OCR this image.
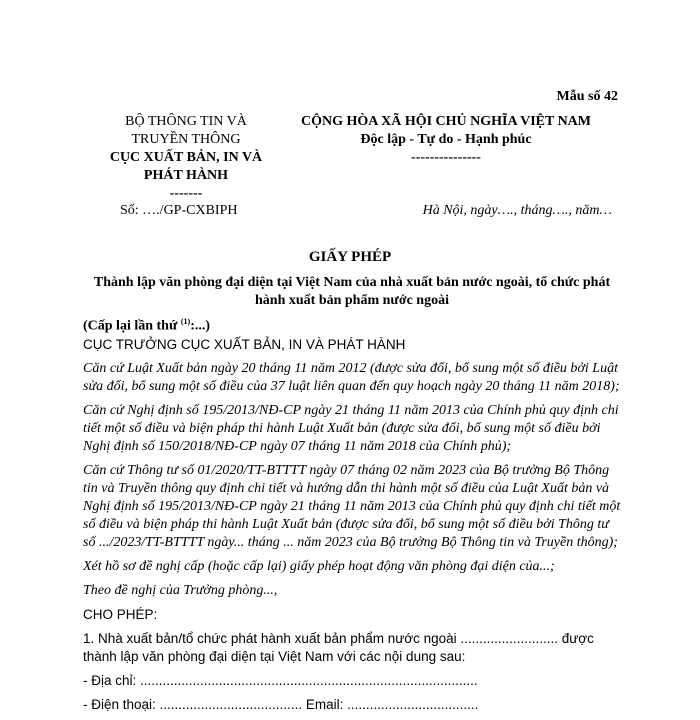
Mẫu số 42
BỘ THÔNG TIN VÀ
TRUYỀN THÔNG
CỤC XUẤT BẢN, IN VÀ
PHÁT HÀNH
-------
CỘNG HÒA XÃ HỘI CHỦ NGHĨA VIỆT NAM
Độc lập - Tự do - Hạnh phúc
---------------
Số: …./GP-CXBIPH	Hà Nội, ngày…., tháng…., năm…
GIẤY PHÉP
Thành lập văn phòng đại diện tại Việt Nam của nhà xuất bản nước ngoài, tổ chức phát hành xuất bản phẩm nước ngoài
(Cấp lại lần thứ $^{(1)}$:...)

CỤC TRƯỞNG CỤC XUẤT BẢN, IN VÀ PHÁT HÀNH

Căn cứ Luật Xuất bản ngày 20 tháng 11 năm 2012 (được sửa đổi, bổ sung một số điều bởi Luật sửa đổi, bổ sung một số điều của 37 luật liên quan đến quy hoạch ngày 20 tháng 11 năm 2018);

Căn cứ Nghị định số 195/2013/NĐ-CP ngày 21 tháng 11 năm 2013 của Chính phủ quy định chi tiết một số điều và biện pháp thi hành Luật Xuất bản (được sửa đổi, bổ sung một số điều bởi Nghị định số 150/2018/NĐ-CP ngày 07 tháng 11 năm 2018 của Chính phủ);

Căn cứ Thông tư số 01/2020/TT-BTTTT ngày 07 tháng 02 năm 2023 của Bộ trưởng Bộ Thông tin và Truyền thông quy định chi tiết và hướng dẫn thi hành một số điều của Luật Xuất bản và Nghị định số 195/2013/NĐ-CP ngày 21 tháng 11 năm 2013 của Chính phủ quy định chi tiết một số điều và biện pháp thi hành Luật Xuất bản (được sửa đổi, bổ sung một số điều bởi Thông tư số .../2023/TT-BTTTT ngày... tháng ... năm 2023 của Bộ trưởng Bộ Thông tin và Truyền thông);

Xét hồ sơ đề nghị cấp (hoặc cấp lại) giấy phép hoạt động văn phòng đại diện của...;

Theo đề nghị của Trưởng phòng...,

CHO PHÉP:

1. Nhà xuất bản/tổ chức phát hành xuất bản phẩm nước ngoài .......................... được thành lập văn phòng đại diện tại Việt Nam với các nội dung sau:

- Địa chỉ: ..........................................................................................

- Điện thoại: ...................................... Email: ...................................
